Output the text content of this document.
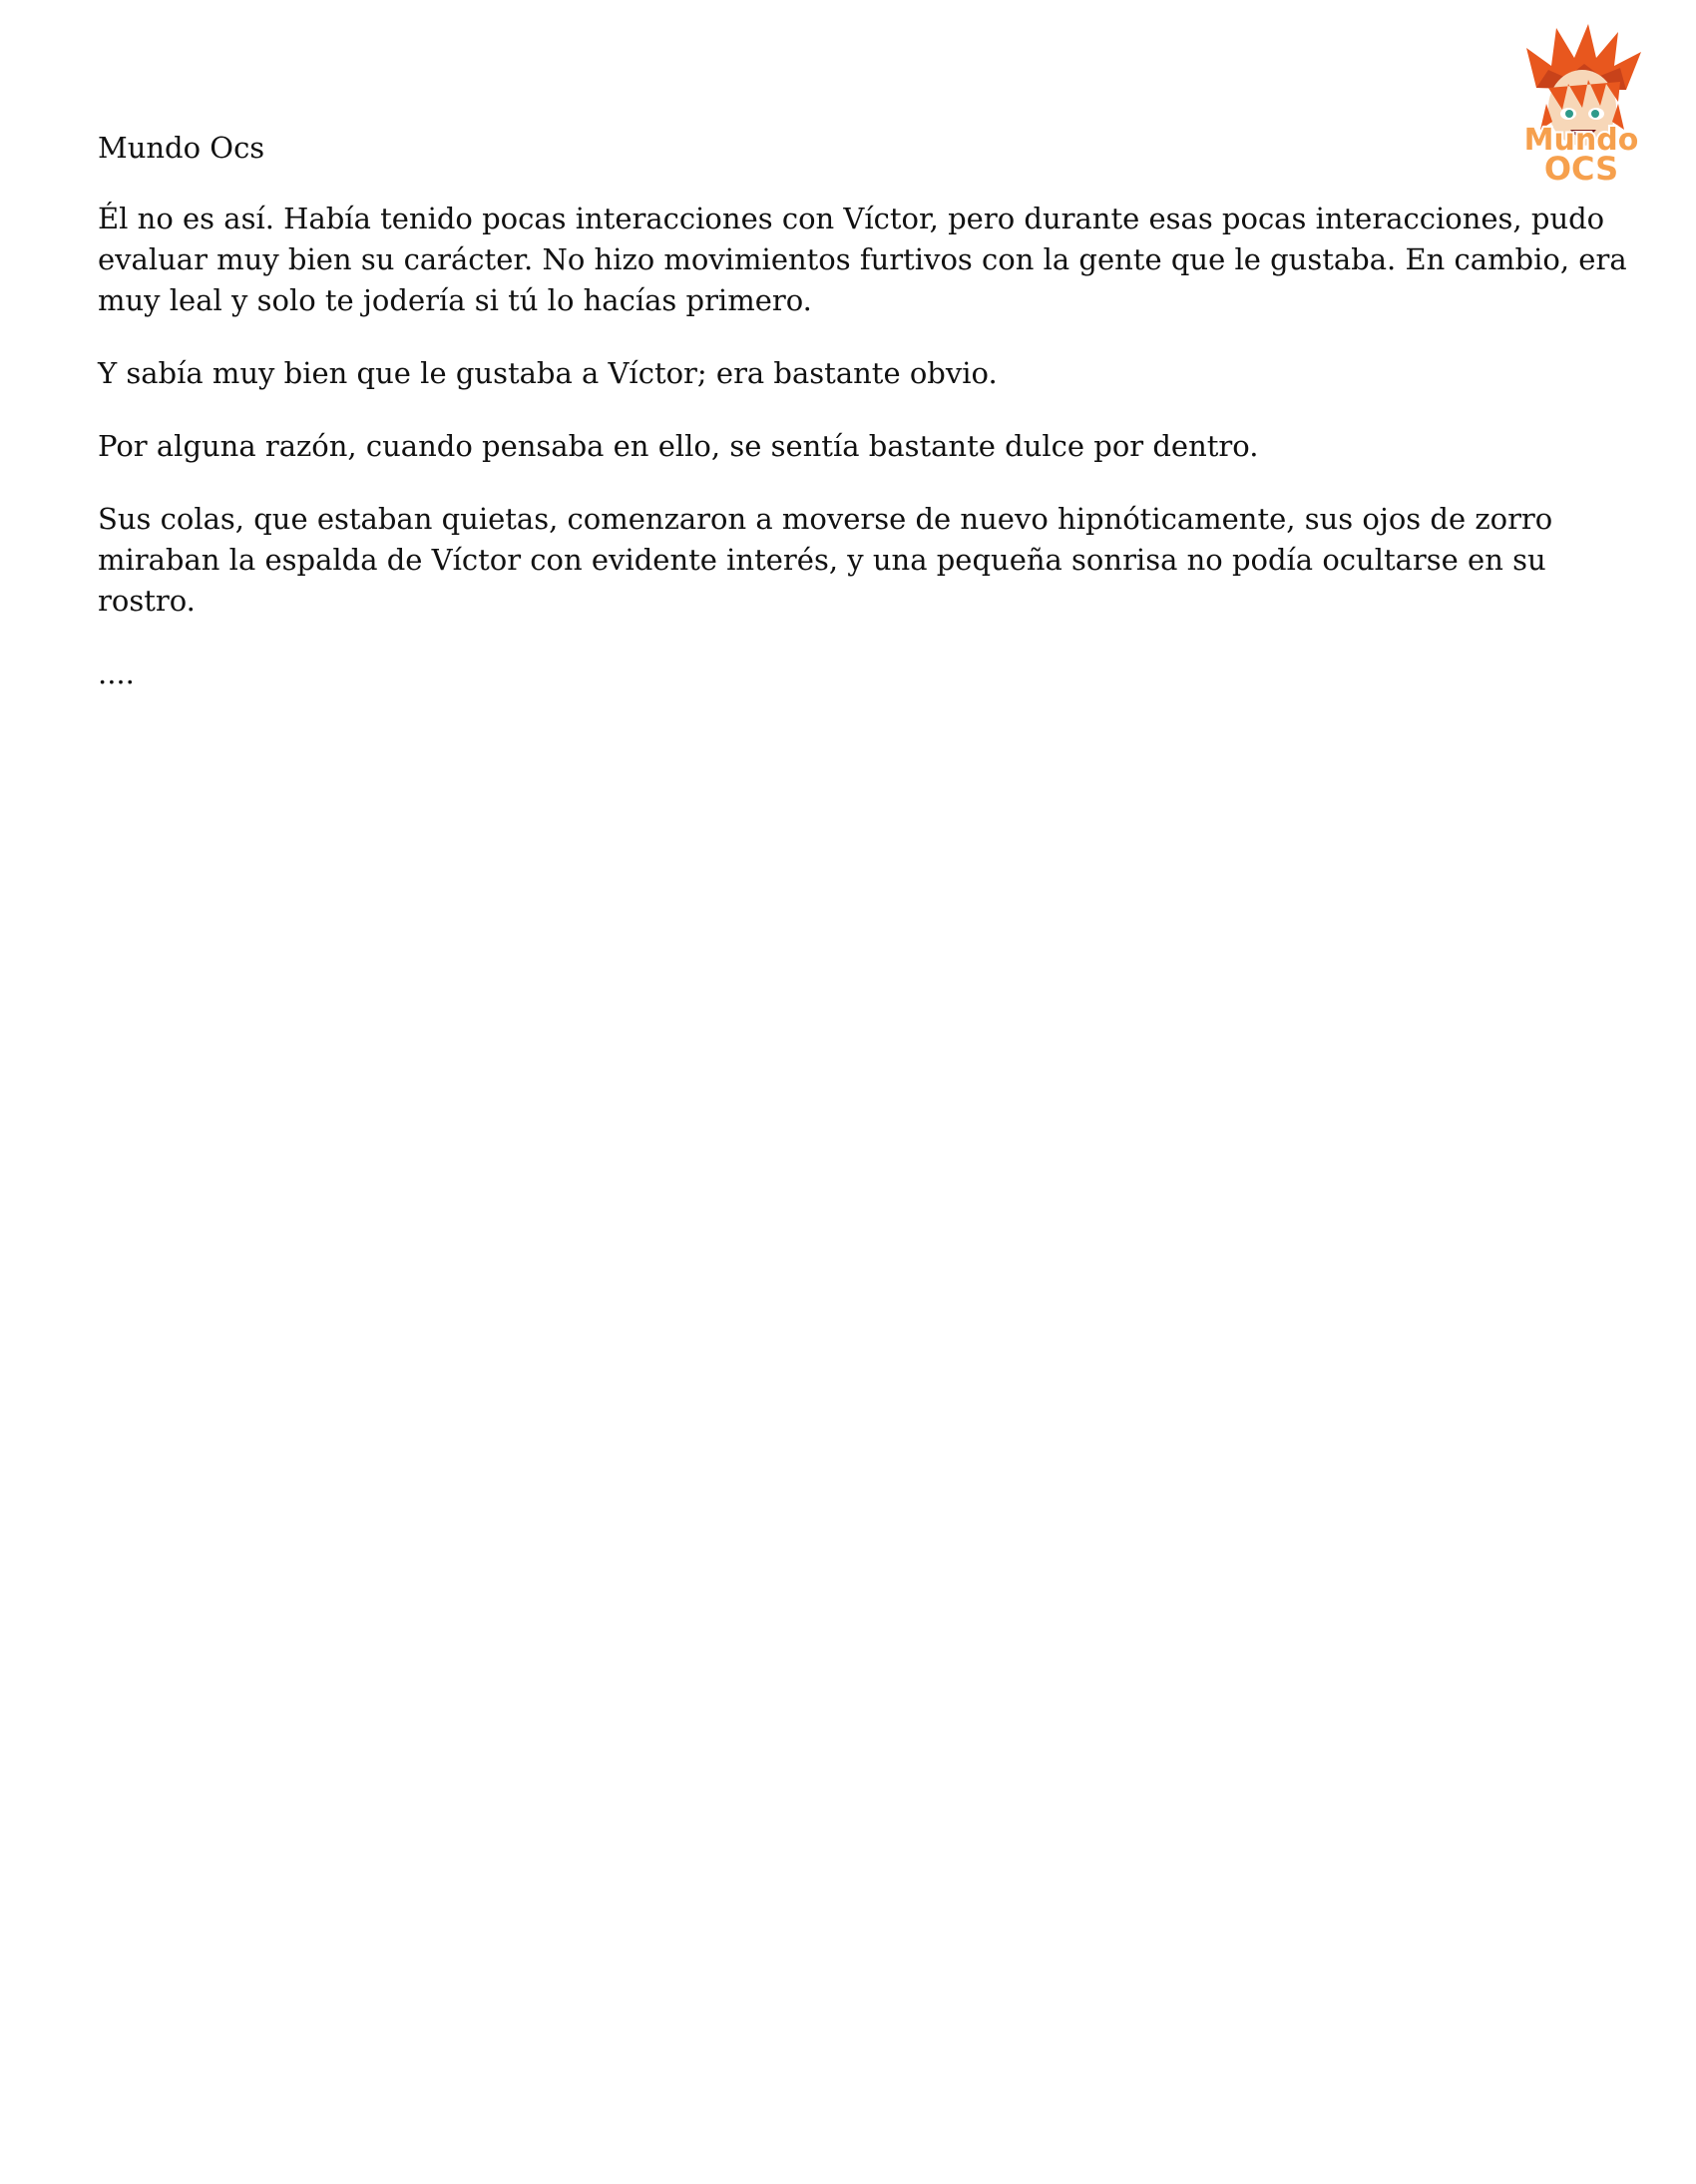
Mundo
OCS

Mundo Ocs

Él no es así. Había tenido pocas interacciones con Víctor, pero durante esas pocas interacciones, pudo evaluar muy bien su carácter. No hizo movimientos furtivos con la gente que le gustaba. En cambio, era muy leal y solo te jodería si tú lo hacías primero.

Y sabía muy bien que le gustaba a Víctor; era bastante obvio.

Por alguna razón, cuando pensaba en ello, se sentía bastante dulce por dentro.

Sus colas, que estaban quietas, comenzaron a moverse de nuevo hipnóticamente, sus ojos de zorro miraban la espalda de Víctor con evidente interés, y una pequeña sonrisa no podía ocultarse en su rostro.

....
